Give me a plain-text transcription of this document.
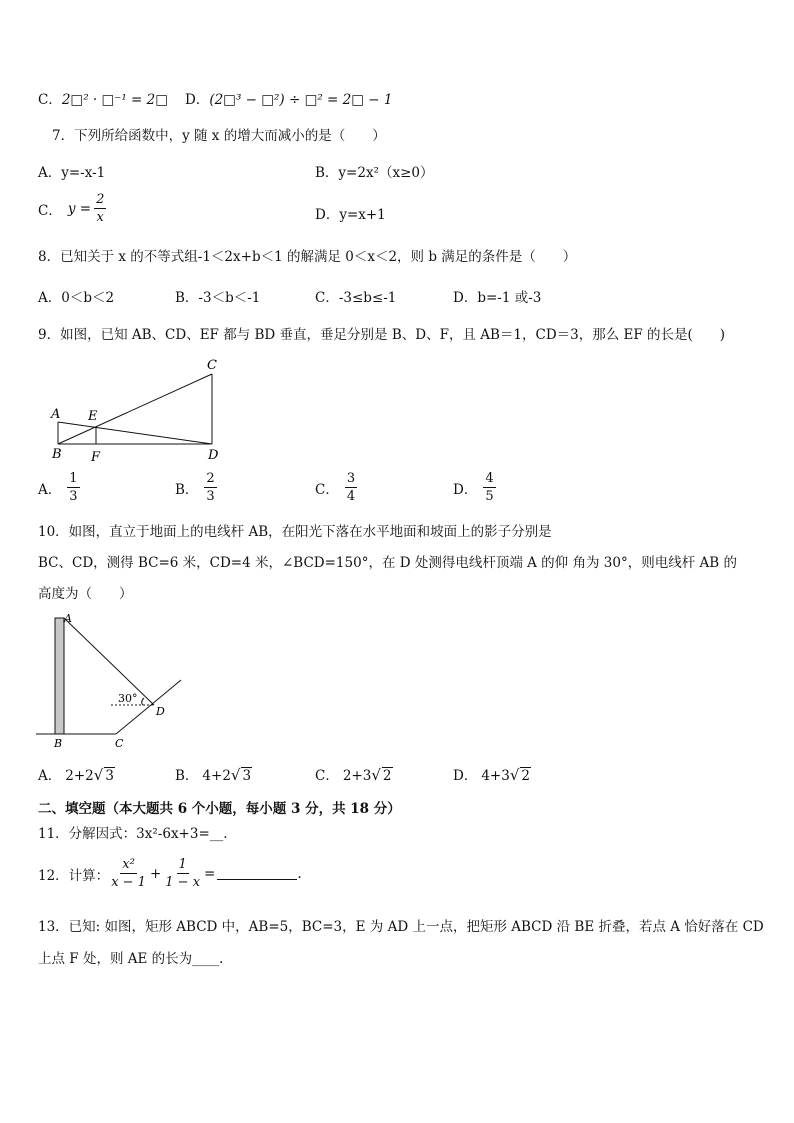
C．2□² · □⁻¹ = 2□ D．(2□³ − □²) ÷ □² = 2□ − 1
7．下列所给函数中，y 随 x 的增大而减小的是（　　）
A．y=-x-1	B．y=2x²（x≥0）
C． $y = \frac{2}{x}$	D．y=x+1
8．已知关于 x 的不等式组-1＜2x+b＜1 的解满足 0＜x＜2，则 b 满足的条件是（　　）
A．0＜b＜2	B．-3＜b＜-1	C．-3≤b≤-1	D．b=-1 或-3
9．如图，已知 AB、CD、EF 都与 BD 垂直，垂足分别是 B、D、F，且 AB＝1，CD＝3，那么 EF 的长是(　　)
A E
C
B F	D
A． $\frac{1}{3}$	B． $\frac{2}{3}$	C． $\frac{3}{4}$	D． $\frac{4}{5}$
10．如图，直立于地面上的电线杆 AB，在阳光下落在水平地面和坡面上的影子分别是
BC、CD，测得 BC=6 米，CD=4 米，∠BCD=150°，在 D 处测得电线杆顶端 A 的仰 角为 30°，则电线杆 AB 的
高度为（　　）
A
B	C
D
30°
A． 2+2√ 3	B． 4+2√ 3	C． 2+3√ 2	D． 4+3√ 2
二、填空题（本大题共 6 个小题，每小题 3 分，共 18 分）
11．分解因式：3x²-6x+3=__.
12．计算： $\frac{\text{x²}}{x - 1} + \frac{1}{1 - x}$ =	.
13．已知: 如图，矩形 ABCD 中，AB=5，BC=3，E 为 AD 上一点，把矩形 ABCD 沿 BE 折叠，若点 A 恰好落在 CD
上点 F 处，则 AE 的长为____.
